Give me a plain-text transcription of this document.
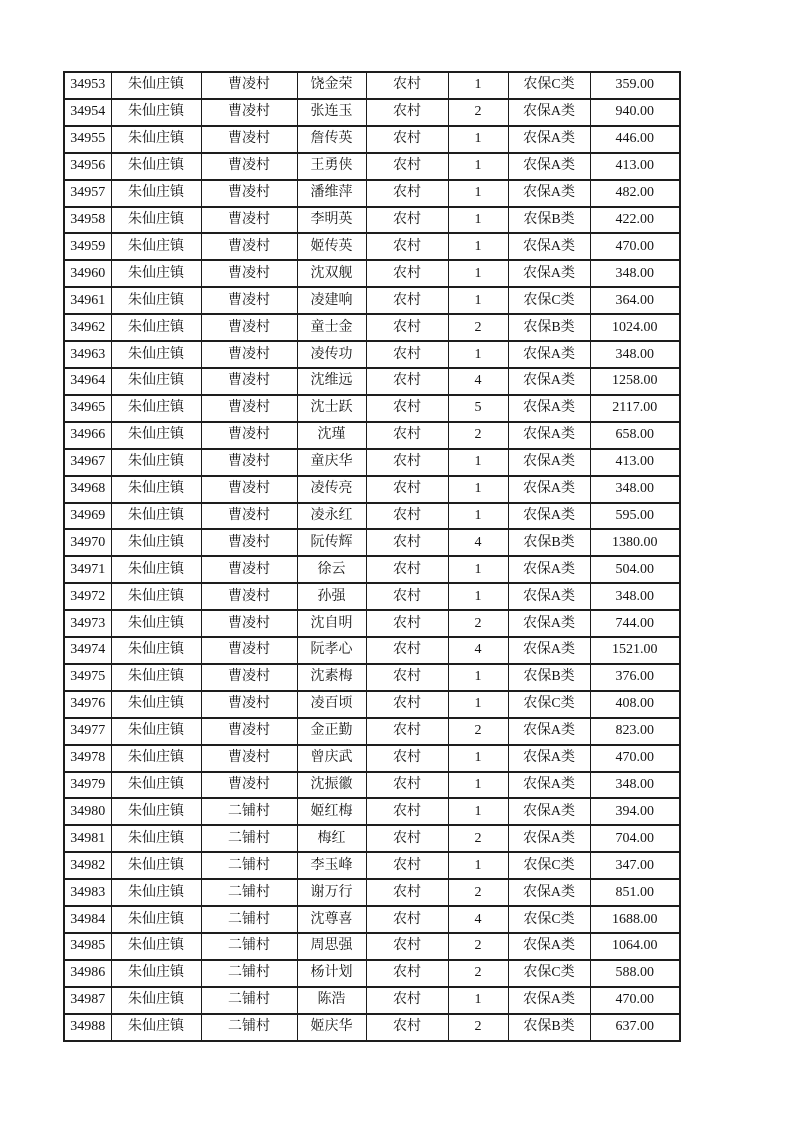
34953	朱仙庄镇	曹凌村	饶金荣	农村	1	农保C类	359.00
34954	朱仙庄镇	曹凌村	张连玉	农村	2	农保A类	940.00
34955	朱仙庄镇	曹凌村	詹传英	农村	1	农保A类	446.00
34956	朱仙庄镇	曹凌村	王勇侠	农村	1	农保A类	413.00
34957	朱仙庄镇	曹凌村	潘维萍	农村	1	农保A类	482.00
34958	朱仙庄镇	曹凌村	李明英	农村	1	农保B类	422.00
34959	朱仙庄镇	曹凌村	姬传英	农村	1	农保A类	470.00
34960	朱仙庄镇	曹凌村	沈双舰	农村	1	农保A类	348.00
34961	朱仙庄镇	曹凌村	凌建响	农村	1	农保C类	364.00
34962	朱仙庄镇	曹凌村	童士金	农村	2	农保B类	1024.00
34963	朱仙庄镇	曹凌村	凌传功	农村	1	农保A类	348.00
34964	朱仙庄镇	曹凌村	沈维远	农村	4	农保A类	1258.00
34965	朱仙庄镇	曹凌村	沈士跃	农村	5	农保A类	2117.00
34966	朱仙庄镇	曹凌村	沈瑾	农村	2	农保A类	658.00
34967	朱仙庄镇	曹凌村	童庆华	农村	1	农保A类	413.00
34968	朱仙庄镇	曹凌村	凌传亮	农村	1	农保A类	348.00
34969	朱仙庄镇	曹凌村	凌永红	农村	1	农保A类	595.00
34970	朱仙庄镇	曹凌村	阮传辉	农村	4	农保B类	1380.00
34971	朱仙庄镇	曹凌村	徐云	农村	1	农保A类	504.00
34972	朱仙庄镇	曹凌村	孙强	农村	1	农保A类	348.00
34973	朱仙庄镇	曹凌村	沈自明	农村	2	农保A类	744.00
34974	朱仙庄镇	曹凌村	阮孝心	农村	4	农保A类	1521.00
34975	朱仙庄镇	曹凌村	沈素梅	农村	1	农保B类	376.00
34976	朱仙庄镇	曹凌村	凌百顷	农村	1	农保C类	408.00
34977	朱仙庄镇	曹凌村	金正勤	农村	2	农保A类	823.00
34978	朱仙庄镇	曹凌村	曾庆武	农村	1	农保A类	470.00
34979	朱仙庄镇	曹凌村	沈振徽	农村	1	农保A类	348.00
34980	朱仙庄镇	二铺村	姬红梅	农村	1	农保A类	394.00
34981	朱仙庄镇	二铺村	梅红	农村	2	农保A类	704.00
34982	朱仙庄镇	二铺村	李玉峰	农村	1	农保C类	347.00
34983	朱仙庄镇	二铺村	谢万行	农村	2	农保A类	851.00
34984	朱仙庄镇	二铺村	沈尊喜	农村	4	农保C类	1688.00
34985	朱仙庄镇	二铺村	周思强	农村	2	农保A类	1064.00
34986	朱仙庄镇	二铺村	杨计划	农村	2	农保C类	588.00
34987	朱仙庄镇	二铺村	陈浩	农村	1	农保A类	470.00
34988	朱仙庄镇	二铺村	姬庆华	农村	2	农保B类	637.00
